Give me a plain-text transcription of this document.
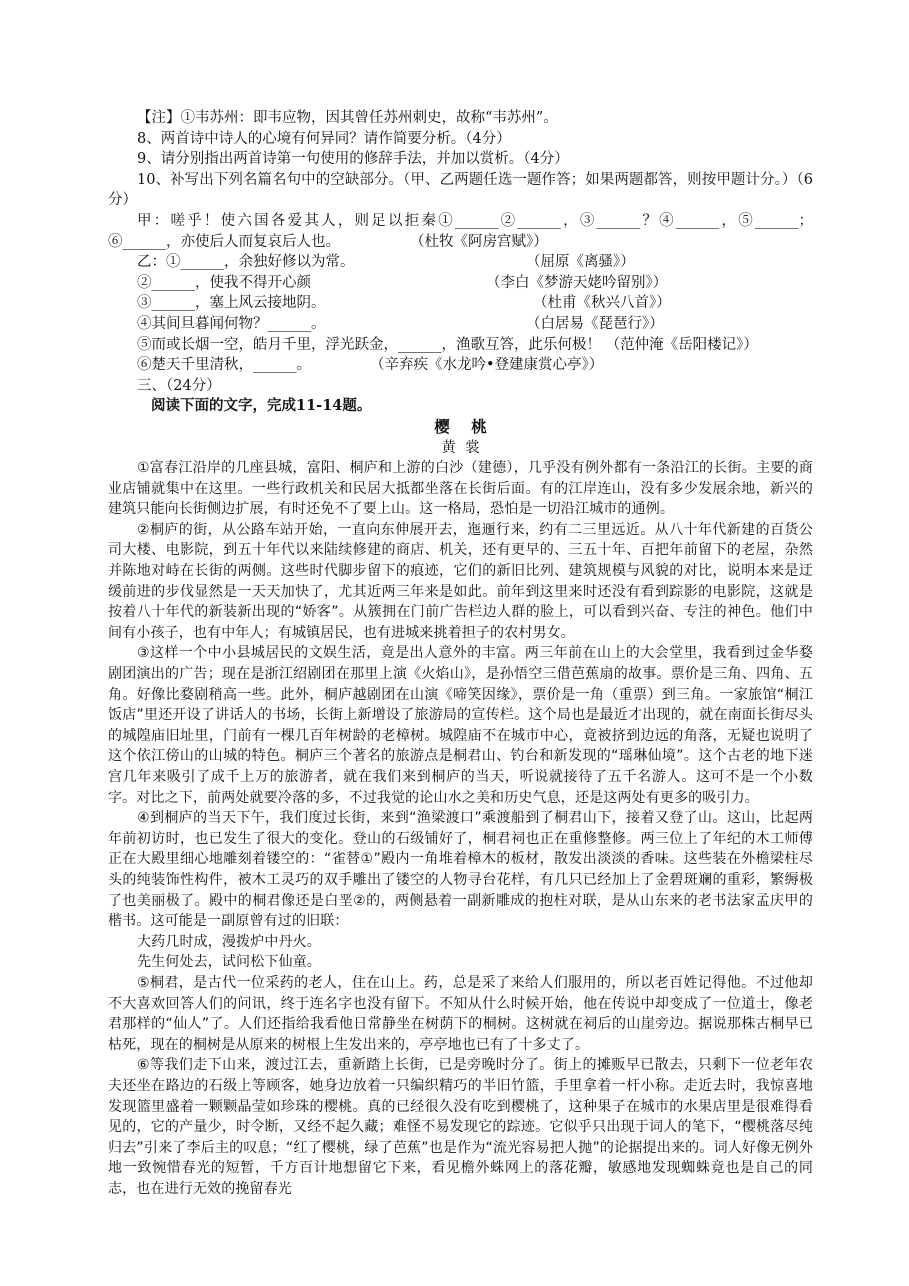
【注】①韦苏州：即韦应物，因其曾任苏州刺史，故称“韦苏州”。

8、两首诗中诗人的心境有何异同？请作简要分析。（4分）

9、请分别指出两首诗第一句使用的修辞手法，并加以赏析。（4分）

10、补写出下列名篇名句中的空缺部分。（甲、乙两题任选一题作答；如果两题都答，则按甲题计分。）（6分）

甲：嗟乎！使六国各爱其人，则足以拒秦①______②______，③______？④______，⑤______；⑥______，亦使后人而复哀后人也。	（杜牧《阿房宫赋》）

乙：①______，余独好修以为常。	（屈原《离骚》）
②______，使我不得开心颜	（李白《梦游天姥吟留别》）
③______，塞上风云接地阴。	（杜甫《秋兴八首》）
④其间旦暮闻何物？______。	（白居易《琵琶行》）

⑤而或长烟一空，皓月千里，浮光跃金，______，渔歌互答，此乐何极！ （范仲淹《岳阳楼记》）

⑥楚天千里清秋，______。	（辛弃疾《水龙吟•登建康赏心亭》）

三、（24分）

阅读下面的文字，完成11-14题。

樱    桃

黄  裳

①富春江沿岸的几座县城，富阳、桐庐和上游的白沙（建德），几乎没有例外都有一条沿江的长街。主要的商业店铺就集中在这里。一些行政机关和民居大抵都坐落在长街后面。有的江岸连山，没有多少发展余地，新兴的建筑只能向长街侧边扩展，有时还免不了要上山。这一格局，恐怕是一切沿江城市的通例。

②桐庐的街，从公路车站开始，一直向东伸展开去，迤逦行来，约有二三里远近。从八十年代新建的百货公司大楼、电影院，到五十年代以来陆续修建的商店、机关，还有更早的、三五十年、百把年前留下的老屋，杂然并陈地对峙在长街的两侧。这些时代脚步留下的痕迹，它们的新旧比列、建筑规模与风貌的对比，说明本来是迂缓前进的步伐显然是一天天加快了，尤其近两三年来是如此。前年到这里来时还没有看到踪影的电影院，这就是按着八十年代的新装新出现的“娇客”。从簇拥在门前广告栏边人群的脸上，可以看到兴奋、专注的神色。他们中间有小孩子，也有中年人；有城镇居民，也有进城来挑着担子的农村男女。

③这样一个中小县城居民的文娱生活，竟是出人意外的丰富。两三年前在山上的大会堂里，我看到过金华婺剧团演出的广告；现在是浙江绍剧团在那里上演《火焰山》，是孙悟空三借芭蕉扇的故事。票价是三角、四角、五角。好像比婺剧稍高一些。此外，桐庐越剧团在山演《啼笑因缘》，票价是一角（重票）到三角。一家旅馆“桐江饭店”里还开设了讲话人的书场，长街上新增设了旅游局的宣传栏。这个局也是最近才出现的，就在南面长街尽头的城隍庙旧址里，门前有一棵几百年树龄的老樟树。城隍庙不在城市中心，竟被挤到边远的角落，无疑也说明了这个依江傍山的山城的特色。桐庐三个著名的旅游点是桐君山、钓台和新发现的“瑶琳仙境”。这个古老的地下迷宫几年来吸引了成千上万的旅游者，就在我们来到桐庐的当天，听说就接待了五千名游人。这可不是一个小数字。对比之下，前两处就要冷落的多，不过我觉的论山水之美和历史气息，还是这两处有更多的吸引力。

④到桐庐的当天下午，我们度过长街，来到“渔梁渡口”乘渡船到了桐君山下，接着又登了山。这山，比起两年前初访时，也已发生了很大的变化。登山的石级铺好了，桐君祠也正在重修整修。两三位上了年纪的木工师傅正在大殿里细心地雕刻着镂空的：“雀替①”殿内一角堆着樟木的板材，散发出淡淡的香味。这些装在外檐梁柱尽头的纯装饰性构件，被木工灵巧的双手雕出了镂空的人物寻台花样，有几只已经加上了金碧斑斓的重彩，繁缛极了也美丽极了。殿中的桐君像还是白垩②的，两侧悬着一副新雕成的抱柱对联，是从山东来的老书法家孟庆甲的楷书。这可能是一副原曾有过的旧联：

大药几时成，漫拨炉中丹火。

先生何处去，试问松下仙童。

⑤桐君，是古代一位采药的老人，住在山上。药，总是采了来给人们服用的，所以老百姓记得他。不过他却不大喜欢回答人们的问讯，终于连名字也没有留下。不知从什么时候开始，他在传说中却变成了一位道士，像老君那样的“仙人”了。人们还指给我看他日常静坐在树荫下的桐树。这树就在祠后的山崖旁边。据说那株古桐早已枯死，现在的桐树是从原来的树根上生发出来的，亭亭地也已有了十多丈了。

⑥等我们走下山来，渡过江去，重新踏上长街，已是旁晚时分了。街上的摊贩早已散去，只剩下一位老年农夫还坐在路边的石级上等顾客，她身边放着一只编织精巧的半旧竹篮，手里拿着一杆小称。走近去时，我惊喜地发现篮里盛着一颗颗晶莹如珍珠的樱桃。真的已经很久没有吃到樱桃了，这种果子在城市的水果店里是很难得看见的，它的产量少，时令断，又经不起久藏；难怪不易发现它的踪迹。它似乎只出现于词人的笔下，“樱桃落尽纯归去”引来了李后主的叹息；“红了樱桃，绿了芭蕉”也是作为“流光容易把人抛”的论据提出来的。词人好像无例外地一致惋惜春光的短暂，千方百计地想留它下来，看见檐外蛛网上的落花瓣，敏感地发现蜘蛛竟也是自己的同志，也在进行无效的挽留春光
